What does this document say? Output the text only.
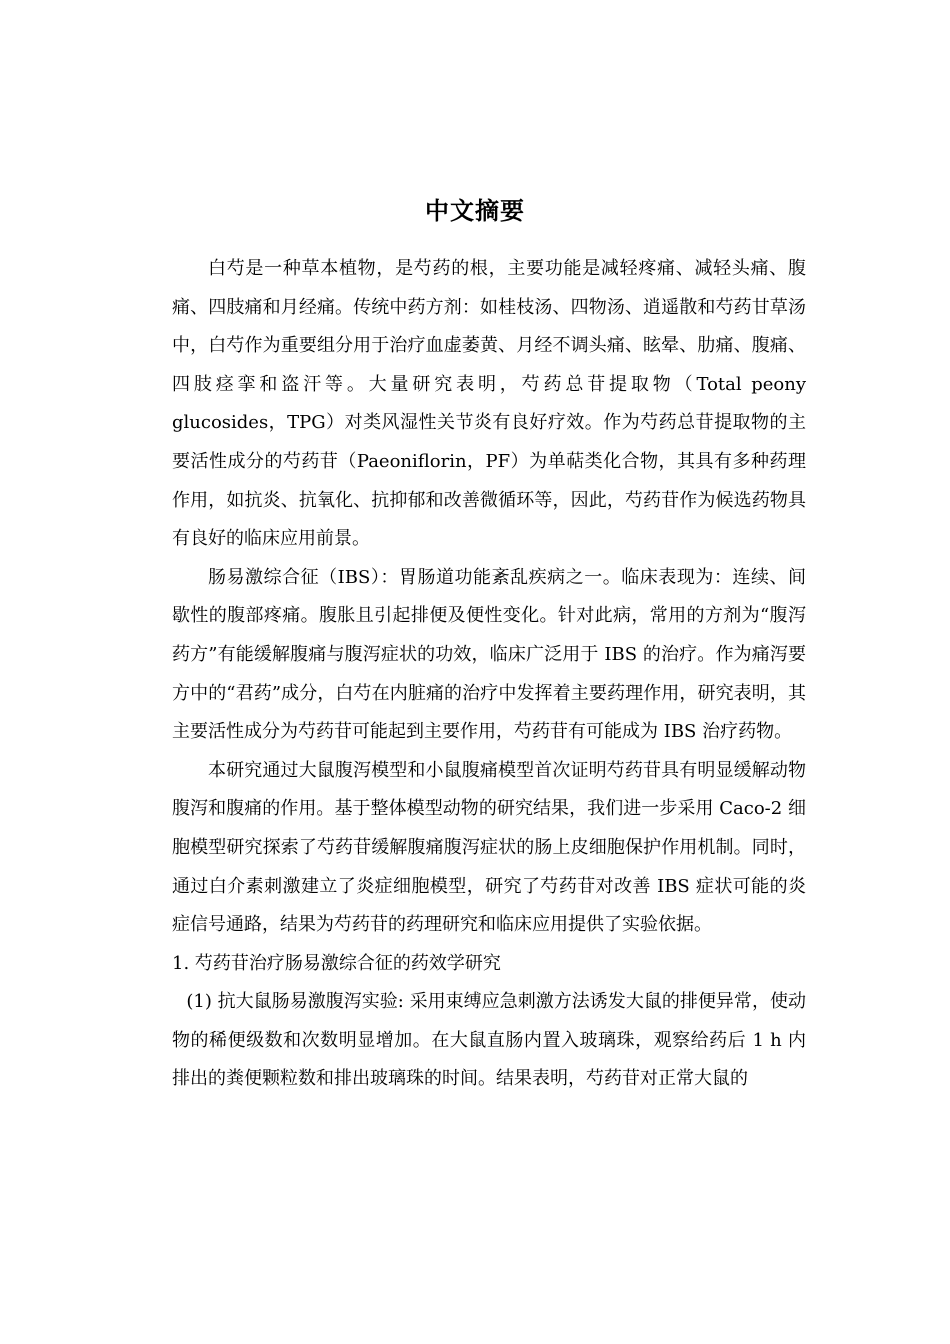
中文摘要

白芍是一种草本植物，是芍药的根，主要功能是减轻疼痛、减轻头痛、腹痛、四肢痛和月经痛。传统中药方剂：如桂枝汤、四物汤、逍遥散和芍药甘草汤中，白芍作为重要组分用于治疗血虚萎黄、月经不调头痛、眩晕、肋痛、腹痛、四肢痉挛和盗汗等。大量研究表明，芍药总苷提取物（Total peony glucosides，TPG）对类风湿性关节炎有良好疗效。作为芍药总苷提取物的主要活性成分的芍药苷（Paeoniflorin，PF）为单萜类化合物，其具有多种药理作用，如抗炎、抗氧化、抗抑郁和改善微循环等，因此，芍药苷作为候选药物具有良好的临床应用前景。

肠易激综合征（IBS）：胃肠道功能紊乱疾病之一。临床表现为：连续、间歇性的腹部疼痛。腹胀且引起排便及便性变化。针对此病，常用的方剂为“腹泻药方”有能缓解腹痛与腹泻症状的功效，临床广泛用于 IBS 的治疗。作为痛泻要方中的“君药”成分，白芍在内脏痛的治疗中发挥着主要药理作用，研究表明，其主要活性成分为芍药苷可能起到主要作用，芍药苷有可能成为 IBS 治疗药物。

本研究通过大鼠腹泻模型和小鼠腹痛模型首次证明芍药苷具有明显缓解动物腹泻和腹痛的作用。基于整体模型动物的研究结果，我们进一步采用 Caco-2 细胞模型研究探索了芍药苷缓解腹痛腹泻症状的肠上皮细胞保护作用机制。同时，通过白介素刺激建立了炎症细胞模型，研究了芍药苷对改善 IBS 症状可能的炎症信号通路，结果为芍药苷的药理研究和临床应用提供了实验依据。

1. 芍药苷治疗肠易激综合征的药效学研究

(1) 抗大鼠肠易激腹泻实验: 采用束缚应急刺激方法诱发大鼠的排便异常，使动物的稀便级数和次数明显增加。在大鼠直肠内置入玻璃珠，观察给药后 1 h 内排出的粪便颗粒数和排出玻璃珠的时间。结果表明，芍药苷对正常大鼠的
